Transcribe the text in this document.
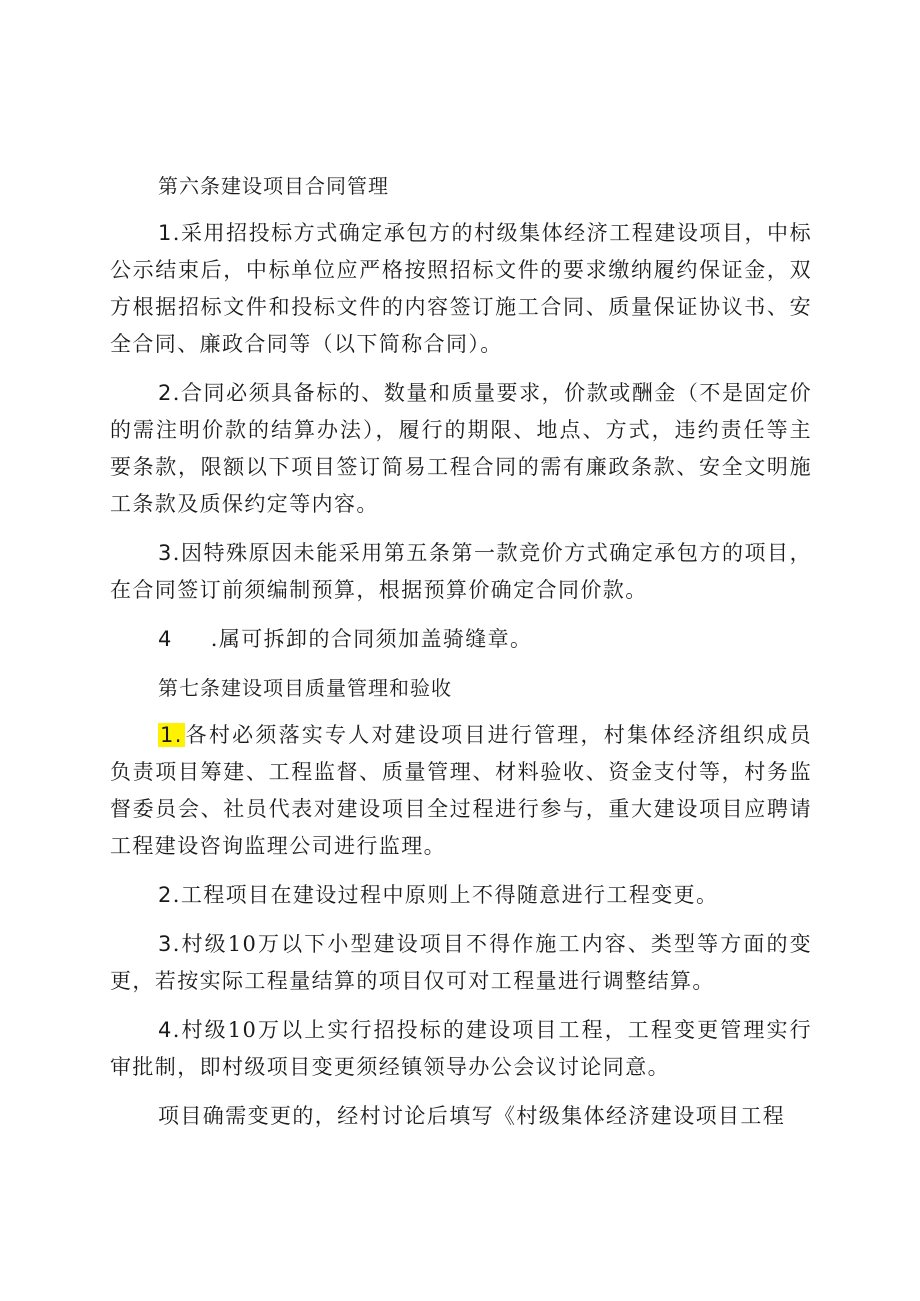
第六条建设项目合同管理

1.采用招投标方式确定承包方的村级集体经济工程建设项目，中标公示结束后，中标单位应严格按照招标文件的要求缴纳履约保证金，双方根据招标文件和投标文件的内容签订施工合同、质量保证协议书、安全合同、廉政合同等（以下简称合同）。

2.合同必须具备标的、数量和质量要求，价款或酬金（不是固定价的需注明价款的结算办法），履行的期限、地点、方式，违约责任等主要条款，限额以下项目签订简易工程合同的需有廉政条款、安全文明施工条款及质保约定等内容。

3.因特殊原因未能采用第五条第一款竞价方式确定承包方的项目，在合同签订前须编制预算，根据预算价确定合同价款。

4 .属可拆卸的合同须加盖骑缝章。

第七条建设项目质量管理和验收

1.各村必须落实专人对建设项目进行管理，村集体经济组织成员负责项目筹建、工程监督、质量管理、材料验收、资金支付等，村务监督委员会、社员代表对建设项目全过程进行参与，重大建设项目应聘请工程建设咨询监理公司进行监理。

2.工程项目在建设过程中原则上不得随意进行工程变更。

3.村级10万以下小型建设项目不得作施工内容、类型等方面的变更，若按实际工程量结算的项目仅可对工程量进行调整结算。

4.村级10万以上实行招投标的建设项目工程，工程变更管理实行审批制，即村级项目变更须经镇领导办公会议讨论同意。

项目确需变更的，经村讨论后填写《村级集体经济建设项目工程
